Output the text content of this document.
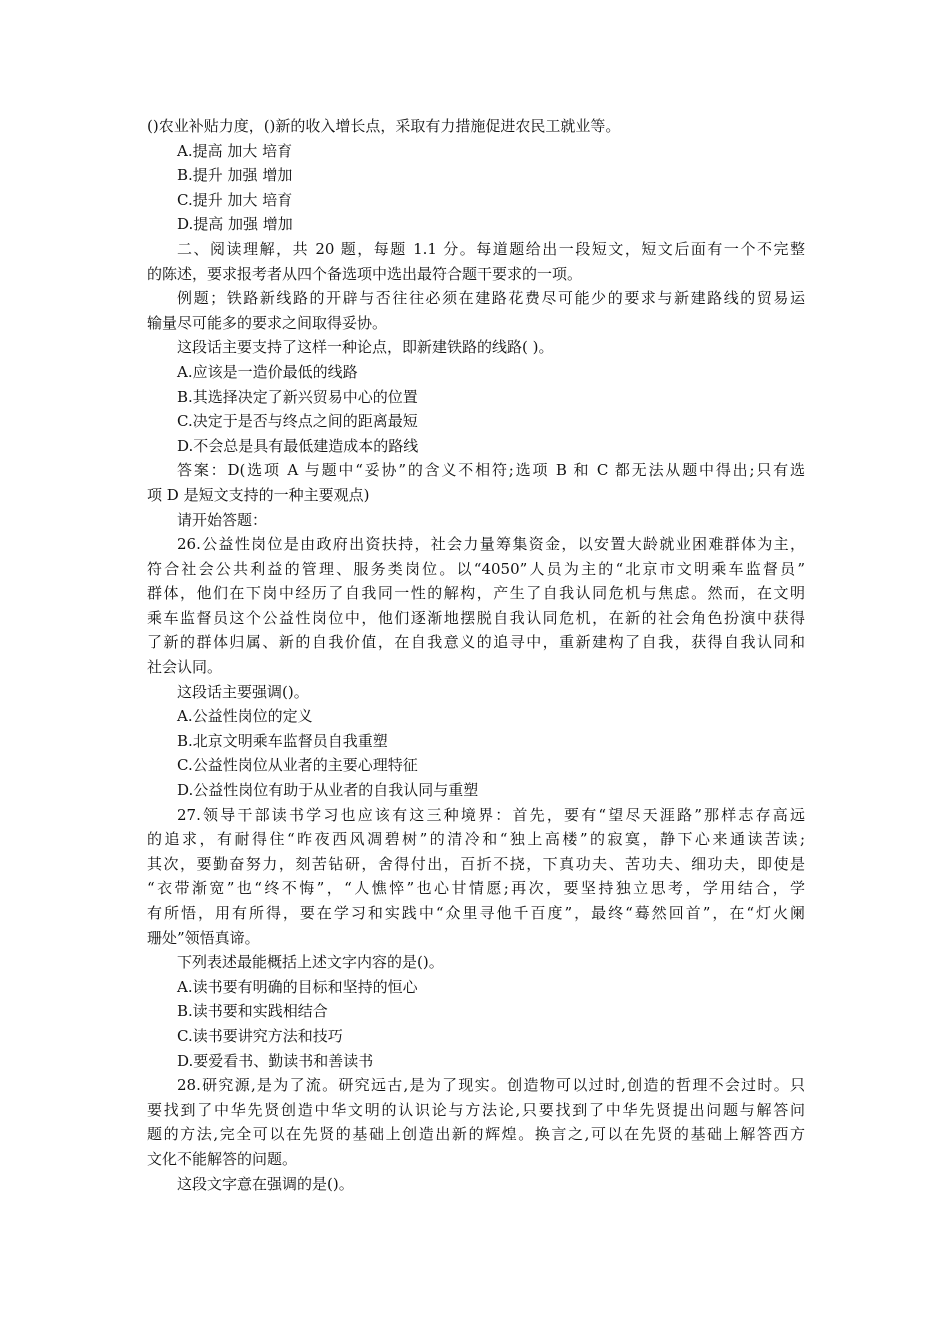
()农业补贴力度，()新的收入增长点，采取有力措施促进农民工就业等。
A.提高 加大 培育
B.提升 加强 增加
C.提升 加大 培育
D.提高 加强 增加
二、阅读理解，共 20 题，每题 1.1 分。每道题给出一段短文，短文后面有一个不完整
的陈述，要求报考者从四个备选项中选出最符合题干要求的一项。
例题；铁路新线路的开辟与否往往必须在建路花费尽可能少的要求与新建路线的贸易运
输量尽可能多的要求之间取得妥协。
这段话主要支持了这样一种论点，即新建铁路的线路( )。
A.应该是一造价最低的线路
B.其选择决定了新兴贸易中心的位置
C.决定于是否与终点之间的距离最短
D.不会总是具有最低建造成本的路线
答案：D(选项 A 与题中“妥协”的含义不相符;选项 B 和 C 都无法从题中得出;只有选
项 D 是短文支持的一种主要观点)
请开始答题：
26.公益性岗位是由政府出资扶持，社会力量筹集资金，以安置大龄就业困难群体为主，
符合社会公共利益的管理、服务类岗位。以“4050”人员为主的“北京市文明乘车监督员”
群体，他们在下岗中经历了自我同一性的解构，产生了自我认同危机与焦虑。然而，在文明
乘车监督员这个公益性岗位中，他们逐渐地摆脱自我认同危机，在新的社会角色扮演中获得
了新的群体归属、新的自我价值，在自我意义的追寻中，重新建构了自我，获得自我认同和
社会认同。
这段话主要强调()。
A.公益性岗位的定义
B.北京文明乘车监督员自我重塑
C.公益性岗位从业者的主要心理特征
D.公益性岗位有助于从业者的自我认同与重塑
27.领导干部读书学习也应该有这三种境界：首先，要有“望尽天涯路”那样志存高远
的追求，有耐得住“昨夜西风凋碧树”的清冷和“独上高楼”的寂寞，静下心来通读苦读;
其次，要勤奋努力，刻苦钻研，舍得付出，百折不挠，下真功夫、苦功夫、细功夫，即使是
“衣带渐宽”也“终不悔”，“人憔悴”也心甘情愿;再次，要坚持独立思考，学用结合，学
有所悟，用有所得，要在学习和实践中“众里寻他千百度”，最终“蓦然回首”，在“灯火阑
珊处”领悟真谛。
下列表述最能概括上述文字内容的是()。
A.读书要有明确的目标和坚持的恒心
B.读书要和实践相结合
C.读书要讲究方法和技巧
D.要爱看书、勤读书和善读书
28.研究源,是为了流。研究远古,是为了现实。创造物可以过时,创造的哲理不会过时。只
要找到了中华先贤创造中华文明的认识论与方法论,只要找到了中华先贤提出问题与解答问
题的方法,完全可以在先贤的基础上创造出新的辉煌。换言之,可以在先贤的基础上解答西方
文化不能解答的问题。
这段文字意在强调的是()。
